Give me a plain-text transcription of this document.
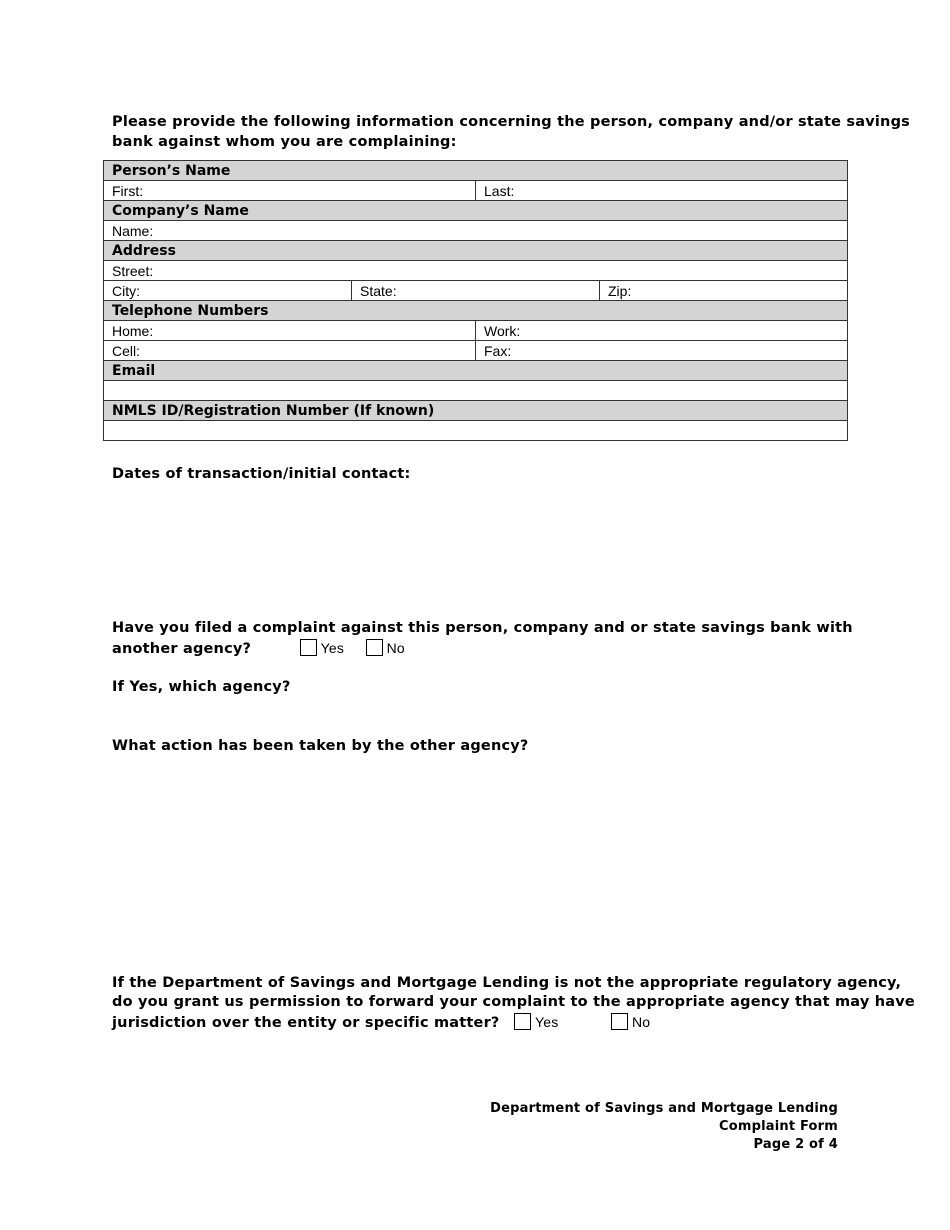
Please provide the following information concerning the person, company and/or state savings
bank against whom you are complaining:
Person’s Name			
First:		Last:	
Company’s Name			
Name:			
Address			
Street:			
City:	State:		Zip:
Telephone Numbers			
Home:		Work:	
Cell:		Fax:	
Email			

NMLS ID/Registration Number (If known)			

Dates of transaction/initial contact:
Have you filed a complaint against this person, company and or state savings bank with
another agency?	Yes	No
If Yes, which agency?
What action has been taken by the other agency?
If the Department of Savings and Mortgage Lending is not the appropriate regulatory agency,
do you grant us permission to forward your complaint to the appropriate agency that may have
jurisdiction over the entity or specific matter?	Yes	No
Department of Savings and Mortgage Lending
Complaint Form
Page 2 of 4
